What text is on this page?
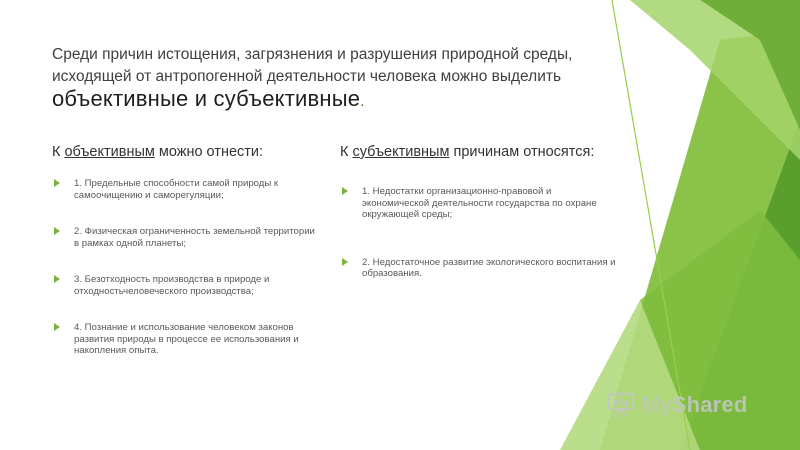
Среди причин истощения, загрязнения и разрушения природной среды, исходящей от антропогенной деятельности человека можно выделить объективные и субъективные.
К объективным можно отнести:
1. Предельные способности самой природы к самоочищению и саморегуляции;
2. Физическая ограниченность земельной территории в рамках одной планеты;
3. Безотходность производства в природе и отходностьчеловеческого производства;
4. Познание и использование человеком законов развития природы в процессе ее использования и накопления опыта.
К субъективным причинам относятся:
1. Недостатки организационно-правовой и экономической деятельности государства по охране окружающей среды;
2. Недостаточное развитие экологического воспитания и образования.
MyShared
